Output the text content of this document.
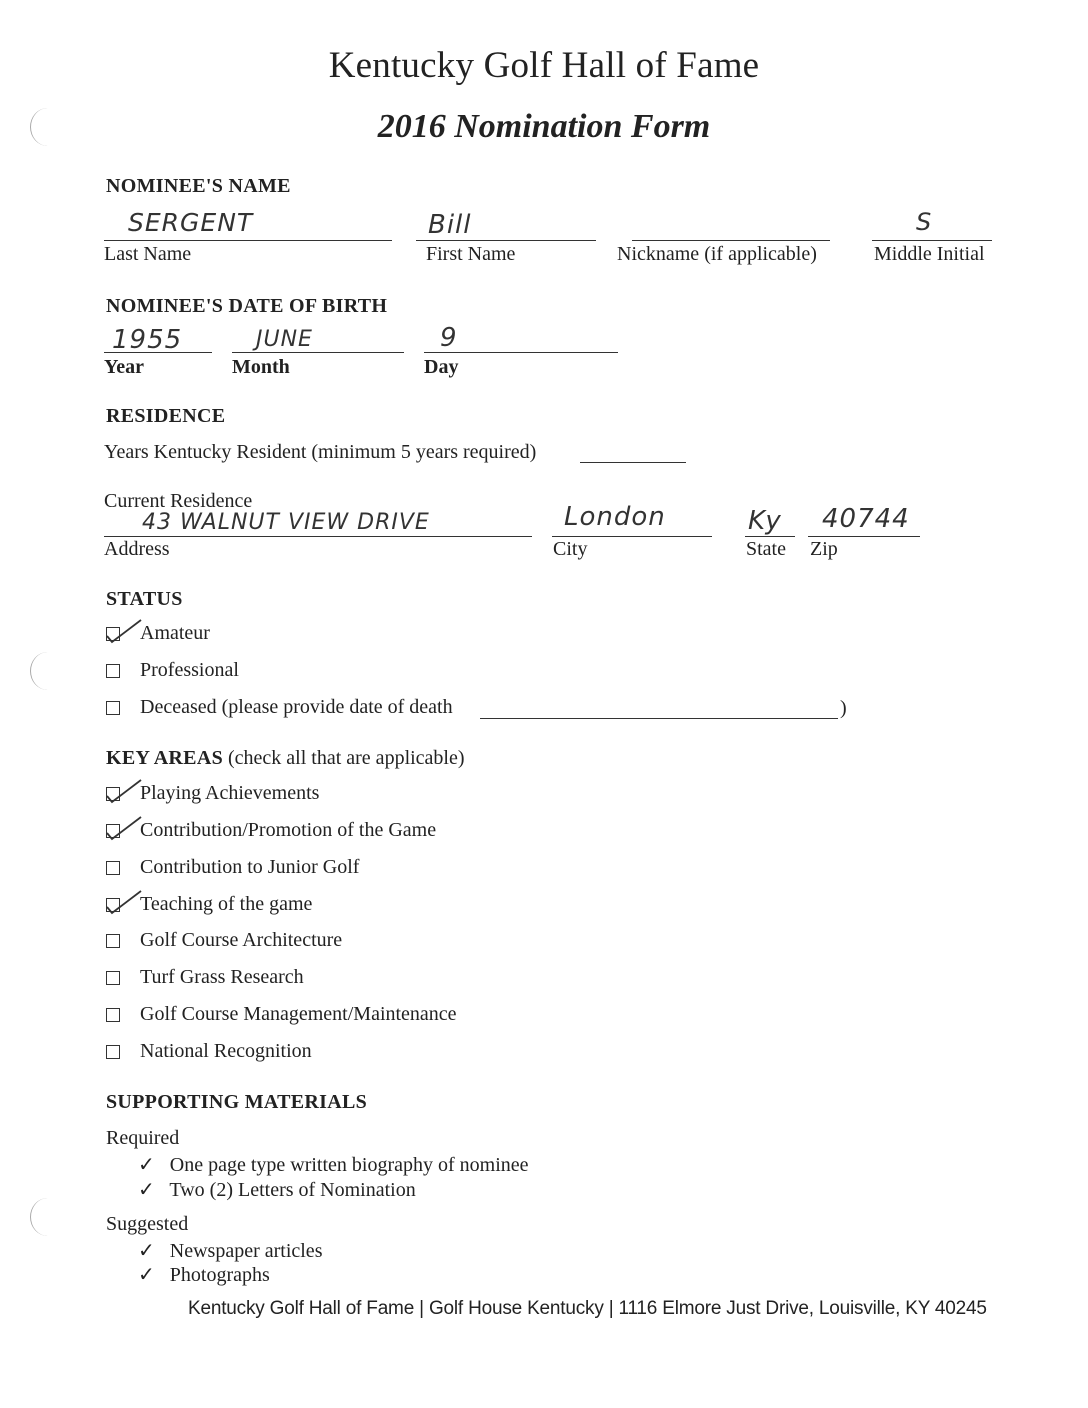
Kentucky Golf Hall of Fame
2016 Nomination Form
NOMINEE'S NAME
SERGENT
Last Name
Bill
First Name	Nickname (if applicable)
S
Middle Initial
NOMINEE'S DATE OF BIRTH
1955
Year
JUNE
Month
9
Day
RESIDENCE
Years Kentucky Resident (minimum 5 years required)
Current Residence
43 WALNUT VIEW DRIVE
Address
London
City
Ky
State
40744
Zip
STATUS
Amateur
Professional
Deceased (please provide date of death	)
KEY AREAS (check all that are applicable)
Playing Achievements
Contribution/Promotion of the Game
Contribution to Junior Golf
Teaching of the game
Golf Course Architecture
Turf Grass Research
Golf Course Management/Maintenance
National Recognition
SUPPORTING MATERIALS
Required
✓ One page type written biography of nominee
✓ Two (2) Letters of Nomination
Suggested
✓ Newspaper articles
✓ Photographs
Kentucky Golf Hall of Fame | Golf House Kentucky | 1116 Elmore Just Drive, Louisville, KY 40245
